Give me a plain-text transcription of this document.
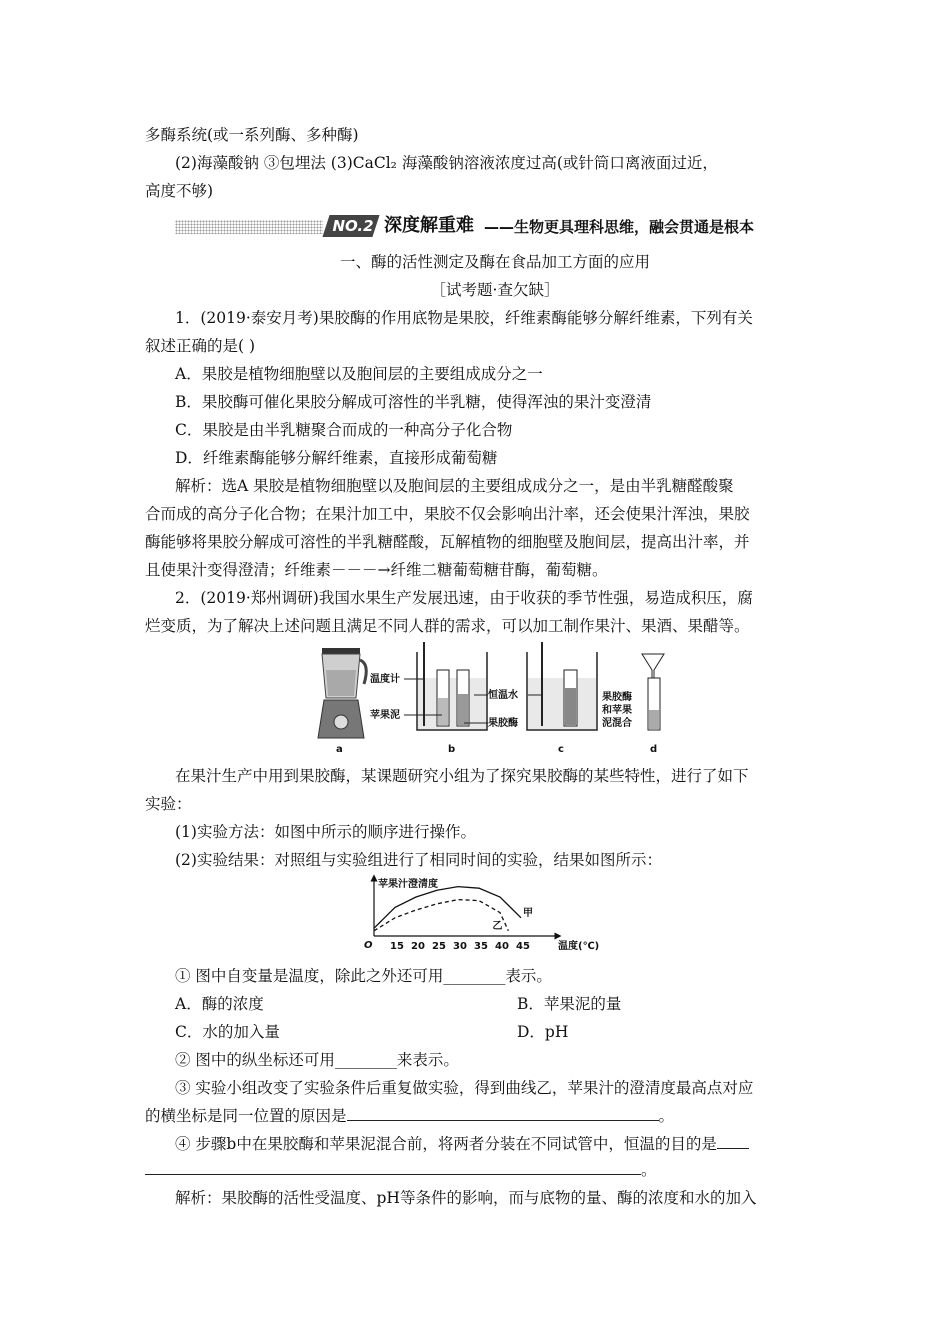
多酶系统(或一系列酶、多种酶)
(2)海藻酸钠 ③包埋法 (3)CaCl₂ 海藻酸钠溶液浓度过高(或针筒口离液面过近，
高度不够)
NO.2 深度解重难 ——生物更具理科思维，融会贯通是根本
一、酶的活性测定及酶在食品加工方面的应用
［试考题·查欠缺］
1．(2019·泰安月考)果胶酶的作用底物是果胶，纤维素酶能够分解纤维素，下列有关
叙述正确的是( )
A．果胶是植物细胞壁以及胞间层的主要组成成分之一
B．果胶酶可催化果胶分解成可溶性的半乳糖，使得浑浊的果汁变澄清
C．果胶是由半乳糖聚合而成的一种高分子化合物
D．纤维素酶能够分解纤维素，直接形成葡萄糖
解析：选A 果胶是植物细胞壁以及胞间层的主要组成成分之一，是由半乳糖醛酸聚
合而成的高分子化合物；在果汁加工中，果胶不仅会影响出汁率，还会使果汁浑浊，果胶
酶能够将果胶分解成可溶性的半乳糖醛酸，瓦解植物的细胞壁及胞间层，提高出汁率，并
且使果汁变得澄清；纤维素－－－→纤维二糖葡萄糖苷酶，葡萄糖。
2．(2019·郑州调研)我国水果生产发展迅速，由于收获的季节性强，易造成积压，腐
烂变质，为了解决上述问题且满足不同人群的需求，可以加工制作果汁、果酒、果醋等。
温度计
苹果泥
恒温水
果胶酶
果胶酶
和苹果
泥混合
a	b	c	d
在果汁生产中用到果胶酶，某课题研究小组为了探究果胶酶的某些特性，进行了如下
实验：
(1)实验方法：如图中所示的顺序进行操作。
(2)实验结果：对照组与实验组进行了相同时间的实验，结果如图所示：
苹果汁澄清度
O	温度(℃)
15 20 25 30 35 40 45
甲
乙
① 图中自变量是温度，除此之外还可用________表示。
A．酶的浓度	B．苹果泥的量
C．水的加入量	D．pH
② 图中的纵坐标还可用________来表示。
③ 实验小组改变了实验条件后重复做实验，得到曲线乙，苹果汁的澄清度最高点对应
的横坐标是同一位置的原因是	。
④ 步骤b中在果胶酶和苹果泥混合前，将两者分装在不同试管中，恒温的目的是
。
解析：果胶酶的活性受温度、pH等条件的影响，而与底物的量、酶的浓度和水的加入
